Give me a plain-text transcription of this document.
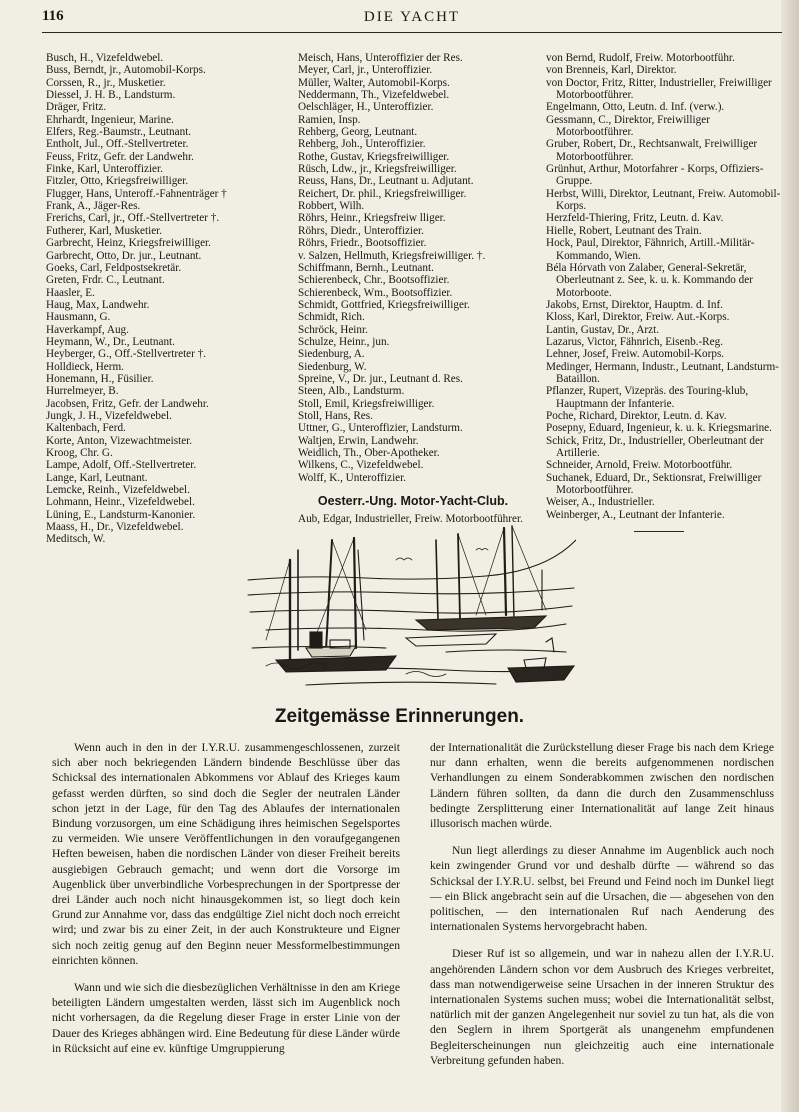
116	DIE YACHT
Busch, H., Vizefeldwebel.
Buss, Berndt, jr., Automobil-Korps.
Corssen, R., jr., Musketier.
Diessel, J. H. B., Landsturm.
Dräger, Fritz.
Ehrhardt, Ingenieur, Marine.
Elfers, Reg.-Baumstr., Leutnant.
Entholt, Jul., Off.-Stellvertreter.
Feuss, Fritz, Gefr. der Landwehr.
Finke, Karl, Unteroffizier.
Fitzler, Otto, Kriegsfreiwilliger.
Flugger, Hans, Unteroff.-Fahnenträger †
Frank, A., Jäger-Res.
Frerichs, Carl, jr., Off.-Stellvertreter †.
Futherer, Karl, Musketier.
Garbrecht, Heinz, Kriegsfreiwilliger.
Garbrecht, Otto, Dr. jur., Leutnant.
Goeks, Carl, Feldpostsekretär.
Greten, Frdr. C., Leutnant.
Haasler, E.
Haug, Max, Landwehr.
Hausmann, G.
Haverkampf, Aug.
Heymann, W., Dr., Leutnant.
Heyberger, G., Off.-Stellvertreter †.
Holldieck, Herm.
Honemann, H., Füsilier.
Hurrelmeyer, B.
Jacobsen, Fritz, Gefr. der Landwehr.
Jungk, J. H., Vizefeldwebel.
Kaltenbach, Ferd.
Korte, Anton, Vizewachtmeister.
Kroog, Chr. G.
Lampe, Adolf, Off.-Stellvertreter.
Lange, Karl, Leutnant.
Lemcke, Reinh., Vizefeldwebel.
Lohmann, Heinr., Vizefeldwebel.
Lüning, E., Landsturm-Kanonier.
Maass, H., Dr., Vizefeldwebel.
Meditsch, W.
Meisch, Hans, Unteroffizier der Res.
Meyer, Carl, jr., Unteroffizier.
Müller, Walter, Automobil-Korps.
Neddermann, Th., Vizefeldwebel.
Oelschläger, H., Unteroffizier.
Ramien, Insp.
Rehberg, Georg, Leutnant.
Rehberg, Joh., Unteroffizier.
Rothe, Gustav, Kriegsfreiwilliger.
Rüsch, Ldw., jr., Kriegsfreiwilliger.
Reuss, Hans, Dr., Leutnant u. Adjutant.
Reichert, Dr. phil., Kriegsfreiwilliger.
Robbert, Wilh.
Röhrs, Heinr., Kriegsfreiw lliger.
Röhrs, Diedr., Unteroffizier.
Röhrs, Friedr., Bootsoffizier.
v. Salzen, Hellmuth, Kriegsfreiwilliger. †.
Schiffmann, Bernh., Leutnant.
Schierenbeck, Chr., Bootsoffizier.
Schierenbeck, Wm., Bootsoffizier.
Schmidt, Gottfried, Kriegsfreiwilliger.
Schmidt, Rich.
Schröck, Heinr.
Schulze, Heinr., jun.
Siedenburg, A.
Siedenburg, W.
Spreine, V., Dr. jur., Leutnant d. Res.
Steen, Alb., Landsturm.
Stoll, Emil, Kriegsfreiwilliger.
Stoll, Hans, Res.
Uttner, G., Unteroffizier, Landsturm.
Waltjen, Erwin, Landwehr.
Weidlich, Th., Ober-Apotheker.
Wilkens, C., Vizefeldwebel.
Wolff, K., Unteroffizier.
Oesterr.-Ung. Motor-Yacht-Club.
Aub, Edgar, Industrieller, Freiw. Motorbootführer.
von Bernd, Rudolf, Freiw. Motorbootführ.
von Brenneis, Karl, Direktor.
von Doctor, Fritz, Ritter, Industrieller, Freiwilliger Motorbootführer.
Engelmann, Otto, Leutn. d. Inf. (verw.).
Gessmann, C., Direktor, Freiwilliger Motorbootführer.
Gruber, Robert, Dr., Rechtsanwalt, Freiwilliger Motorbootführer.
Grünhut, Arthur, Motorfahrer - Korps, Offiziers-Gruppe.
Herbst, Willi, Direktor, Leutnant, Freiw. Automobil-Korps.
Herzfeld-Thiering, Fritz, Leutn. d. Kav.
Hielle, Robert, Leutnant des Train.
Hock, Paul, Direktor, Fähnrich, Artill.-Militär-Kommando, Wien.
Béla Hórvath von Zalaber, General-Sekretär, Oberleutnant z. See, k. u. k. Kommando der Motorboote.
Jakobs, Ernst, Direktor, Hauptm. d. Inf.
Kloss, Karl, Direktor, Freiw. Aut.-Korps.
Lantin, Gustav, Dr., Arzt.
Lazarus, Victor, Fähnrich, Eisenb.-Reg.
Lehner, Josef, Freiw. Automobil-Korps.
Medinger, Hermann, Industr., Leutnant, Landsturm-Bataillon.
Pflanzer, Rupert, Vizepräs. des Touring-klub, Hauptmann der Infanterie.
Poche, Richard, Direktor, Leutn. d. Kav.
Posepny, Eduard, Ingenieur, k. u. k. Kriegsmarine.
Schick, Fritz, Dr., Industrieller, Oberleutnant der Artillerie.
Schneider, Arnold, Freiw. Motorbootführ.
Suchanek, Eduard, Dr., Sektionsrat, Freiwilliger Motorbootführer.
Weiser, A., Industrieller.
Weinberger, A., Leutnant der Infanterie.
Zeitgemässe Erinnerungen.

Wenn auch in den in der I.Y.R.U. zusammengeschlossenen, zurzeit sich aber noch bekriegenden Ländern bindende Beschlüsse über das Schicksal des internationalen Abkommens vor Ablauf des Krieges kaum gefasst werden dürften, so sind doch die Segler der neutralen Länder schon jetzt in der Lage, für den Tag des Ablaufes der internationalen Bindung vorzusorgen, um eine Schädigung ihres heimischen Segelsportes zu vermeiden. Wie unsere Veröffentlichungen in den voraufgegangenen Heften beweisen, haben die nordischen Länder von dieser Freiheit bereits ausgiebigen Gebrauch gemacht; und wenn dort die Vorsorge im Augenblick über unverbindliche Vorbesprechungen in der Sportpresse der drei Länder auch noch nicht hinausgekommen ist, so liegt doch kein Grund zur Annahme vor, dass das endgültige Ziel nicht doch noch erreicht wird; und zwar bis zu einer Zeit, in der auch Konstrukteure und Eigner sich noch zeitig genug auf den Beginn neuer Messformelbestimmungen einrichten können.

Wann und wie sich die diesbezüglichen Verhältnisse in den am Kriege beteiligten Ländern umgestalten werden, lässt sich im Augenblick noch nicht vorhersagen, da die Regelung dieser Frage in erster Linie von der Dauer des Krieges abhängen wird. Eine Bedeutung für diese Länder würde in Rücksicht auf eine ev. künftige Umgruppierung

der Internationalität die Zurückstellung dieser Frage bis nach dem Kriege nur dann erhalten, wenn die bereits aufgenommenen nordischen Verhandlungen zu einem Sonderabkommen zwischen den nordischen Ländern führen sollten, da dann die durch den Zusammenschluss bedingte Zersplitterung einer Internationalität auf lange Zeit hinaus illusorisch machen würde.

Nun liegt allerdings zu dieser Annahme im Augenblick auch noch kein zwingender Grund vor und deshalb dürfte — während so das Schicksal der I.Y.R.U. selbst, bei Freund und Feind noch im Dunkel liegt — ein Blick angebracht sein auf die Ursachen, die — abgesehen von den politischen, — den internationalen Ruf nach Aenderung des internationalen Systems hervorgebracht haben.

Dieser Ruf ist so allgemein, und war in nahezu allen der I.Y.R.U. angehörenden Ländern schon vor dem Ausbruch des Krieges verbreitet, dass man notwendigerweise seine Ursachen in der inneren Struktur des internationalen Systems suchen muss; wobei die Internationalität selbst, natürlich mit der ganzen Angelegenheit nur soviel zu tun hat, als die von den Seglern in ihrem Sportgerät als unangenehm empfundenen Begleiterscheinungen nun gleichzeitig auch eine internationale Verbreitung gefunden haben.
